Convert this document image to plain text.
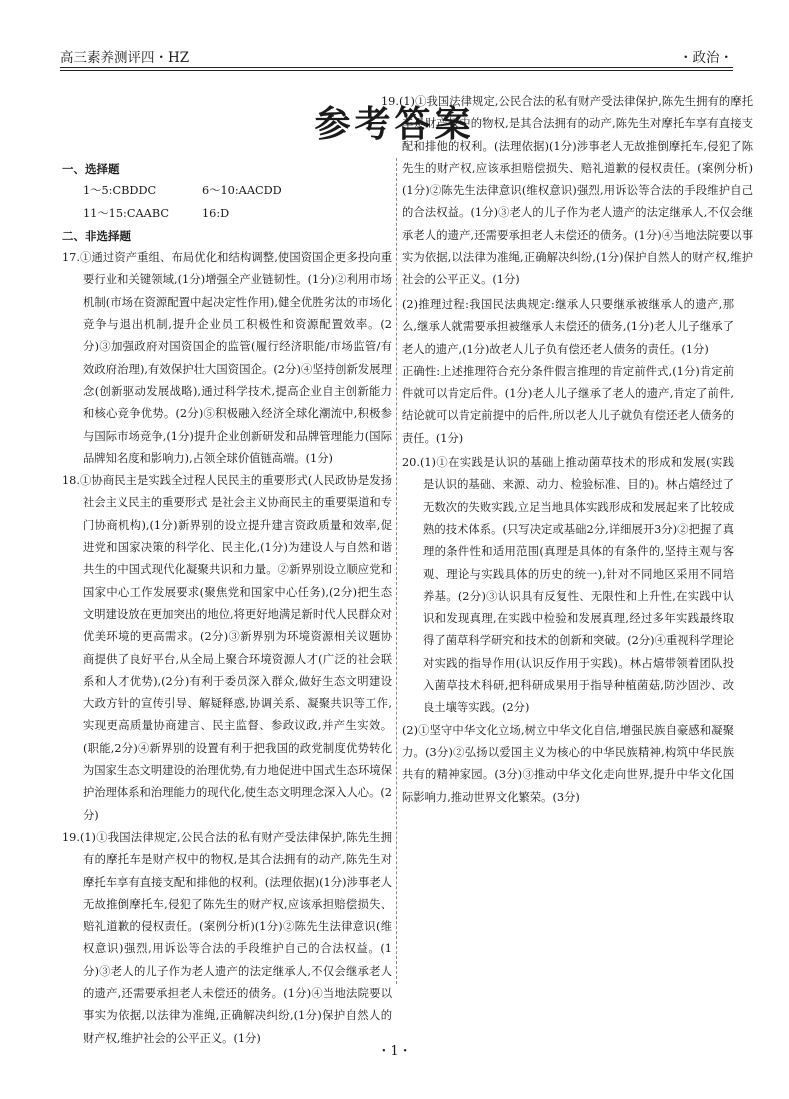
高三素养测评四・HZ	・政治・
参考答案

一、选择题

1～5:CBDDC	6～10:AACDD
11～15:CAABC	16:D

二、非选择题

17.①通过资产重组、布局优化和结构调整,使国资国企更多投向重要行业和关键领域,(1分)增强全产业链韧性。(1分)②利用市场机制(市场在资源配置中起决定性作用),健全优胜劣汰的市场化竞争与退出机制,提升企业员工积极性和资源配置效率。(2分)③加强政府对国资国企的监管(履行经济职能/市场监管/有效政府治理),有效保护壮大国资国企。(2分)④坚持创新发展理念(创新驱动发展战略),通过科学技术,提高企业自主创新能力和核心竞争优势。(2分)⑤积极融入经济全球化潮流中,积极参与国际市场竞争,(1分)提升企业创新研发和品牌管理能力(国际品牌知名度和影响力),占领全球价值链高端。(1分)

18.①协商民主是实践全过程人民民主的重要形式(人民政协是发扬社会主义民主的重要形式 是社会主义协商民主的重要渠道和专门协商机构),(1分)新界别的设立提升建言资政质量和效率,促进党和国家决策的科学化、民主化,(1分)为建设人与自然和谐共生的中国式现代化凝聚共识和力量。②新界别设立顺应党和国家中心工作发展要求(聚焦党和国家中心任务),(2分)把生态文明建设放在更加突出的地位,将更好地满足新时代人民群众对优美环境的更高需求。(2分)③新界别为环境资源相关议题协商提供了良好平台,从全局上聚合环境资源人才(广泛的社会联系和人才优势),(2分)有利于委员深入群众,做好生态文明建设大政方针的宣传引导、解疑释惑,协调关系、凝聚共识等工作,实现更高质量协商建言、民主监督、参政议政,并产生实效。(职能,2分)④新界别的设置有利于把我国的政党制度优势转化为国家生态文明建设的治理优势,有力地促进中国式生态环境保护治理体系和治理能力的现代化,使生态文明理念深入人心。(2分)

19.(1)①我国法律规定,公民合法的私有财产受法律保护,陈先生拥有的摩托车是财产权中的物权,是其合法拥有的动产,陈先生对摩托车享有直接支配和排他的权利。(法理依据)(1分)涉事老人无故推倒摩托车,侵犯了陈先生的财产权,应该承担赔偿损失、赔礼道歉的侵权责任。(案例分析)(1分)②陈先生法律意识(维权意识)强烈,用诉讼等合法的手段维护自己的合法权益。(1分)③老人的儿子作为老人遗产的法定继承人,不仅会继承老人的遗产,还需要承担老人未偿还的债务。(1分)④当地法院要以事实为依据,以法律为准绳,正确解决纠纷,(1分)保护自然人的财产权,维护社会的公平正义。(1分)

19.(1)①我国法律规定,公民合法的私有财产受法律保护,陈先生拥有的摩托车是财产权中的物权,是其合法拥有的动产,陈先生对摩托车享有直接支配和排他的权利。(法理依据)(1分)涉事老人无故推倒摩托车,侵犯了陈先生的财产权,应该承担赔偿损失、赔礼道歉的侵权责任。(案例分析)(1分)②陈先生法律意识(维权意识)强烈,用诉讼等合法的手段维护自己的合法权益。(1分)③老人的儿子作为老人遗产的法定继承人,不仅会继承老人的遗产,还需要承担老人未偿还的债务。(1分)④当地法院要以事实为依据,以法律为准绳,正确解决纠纷,(1分)保护自然人的财产权,维护社会的公平正义。(1分)

(2)推理过程:我国民法典规定:继承人只要继承被继承人的遗产,那么,继承人就需要承担被继承人未偿还的债务,(1分)老人儿子继承了老人的遗产,(1分)故老人儿子负有偿还老人债务的责任。(1分)

正确性:上述推理符合充分条件假言推理的肯定前件式,(1分)肯定前件就可以肯定后件。(1分)老人儿子继承了老人的遗产,肯定了前件,结论就可以肯定前提中的后件,所以老人儿子就负有偿还老人债务的责任。(1分)

20.(1)①在实践是认识的基础上推动菌草技术的形成和发展(实践是认识的基础、来源、动力、检验标准、目的)。林占熺经过了无数次的失败实践,立足当地具体实践形成和发展起来了比较成熟的技术体系。(只写决定或基础2分,详细展开3分)②把握了真理的条件性和适用范围(真理是具体的有条件的,坚持主观与客观、理论与实践具体的历史的统一),针对不同地区采用不同培养基。(2分)③认识具有反复性、无限性和上升性,在实践中认识和发现真理,在实践中检验和发展真理,经过多年实践最终取得了菌草科学研究和技术的创新和突破。(2分)④重视科学理论对实践的指导作用(认识反作用于实践)。林占熺带领着团队投入菌草技术科研,把科研成果用于指导种植菌菇,防沙固沙、改良土壤等实践。(2分)

(2)①坚守中华文化立场,树立中华文化自信,增强民族自豪感和凝聚力。(3分)②弘扬以爱国主义为核心的中华民族精神,构筑中华民族共有的精神家园。(3分)③推动中华文化走向世界,提升中华文化国际影响力,推动世界文化繁荣。(3分)

・1・
